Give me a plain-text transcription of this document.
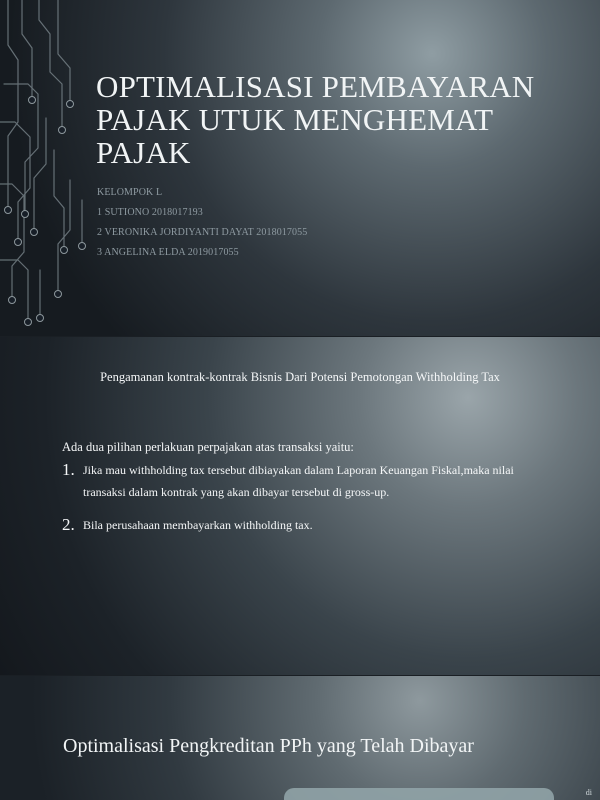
OPTIMALISASI PEMBAYARAN
PAJAK UTUK MENGHEMAT
PAJAK
KELOMPOK L
1 SUTIONO 2018017193
2 VERONIKA JORDIYANTI DAYAT 2018017055
3 ANGELINA ELDA 2019017055
Pengamanan kontrak-kontrak Bisnis Dari Potensi Pemotongan Withholding Tax
Ada dua pilihan perlakuan perpajakan atas transaksi yaitu:
1. Jika mau withholding tax tersebut dibiayakan dalam Laporan Keuangan Fiskal,maka nilai transaksi dalam kontrak yang akan dibayar tersebut di gross-up.
2. Bila perusahaan membayarkan withholding tax.
Optimalisasi Pengkreditan PPh yang Telah Dibayar
di
